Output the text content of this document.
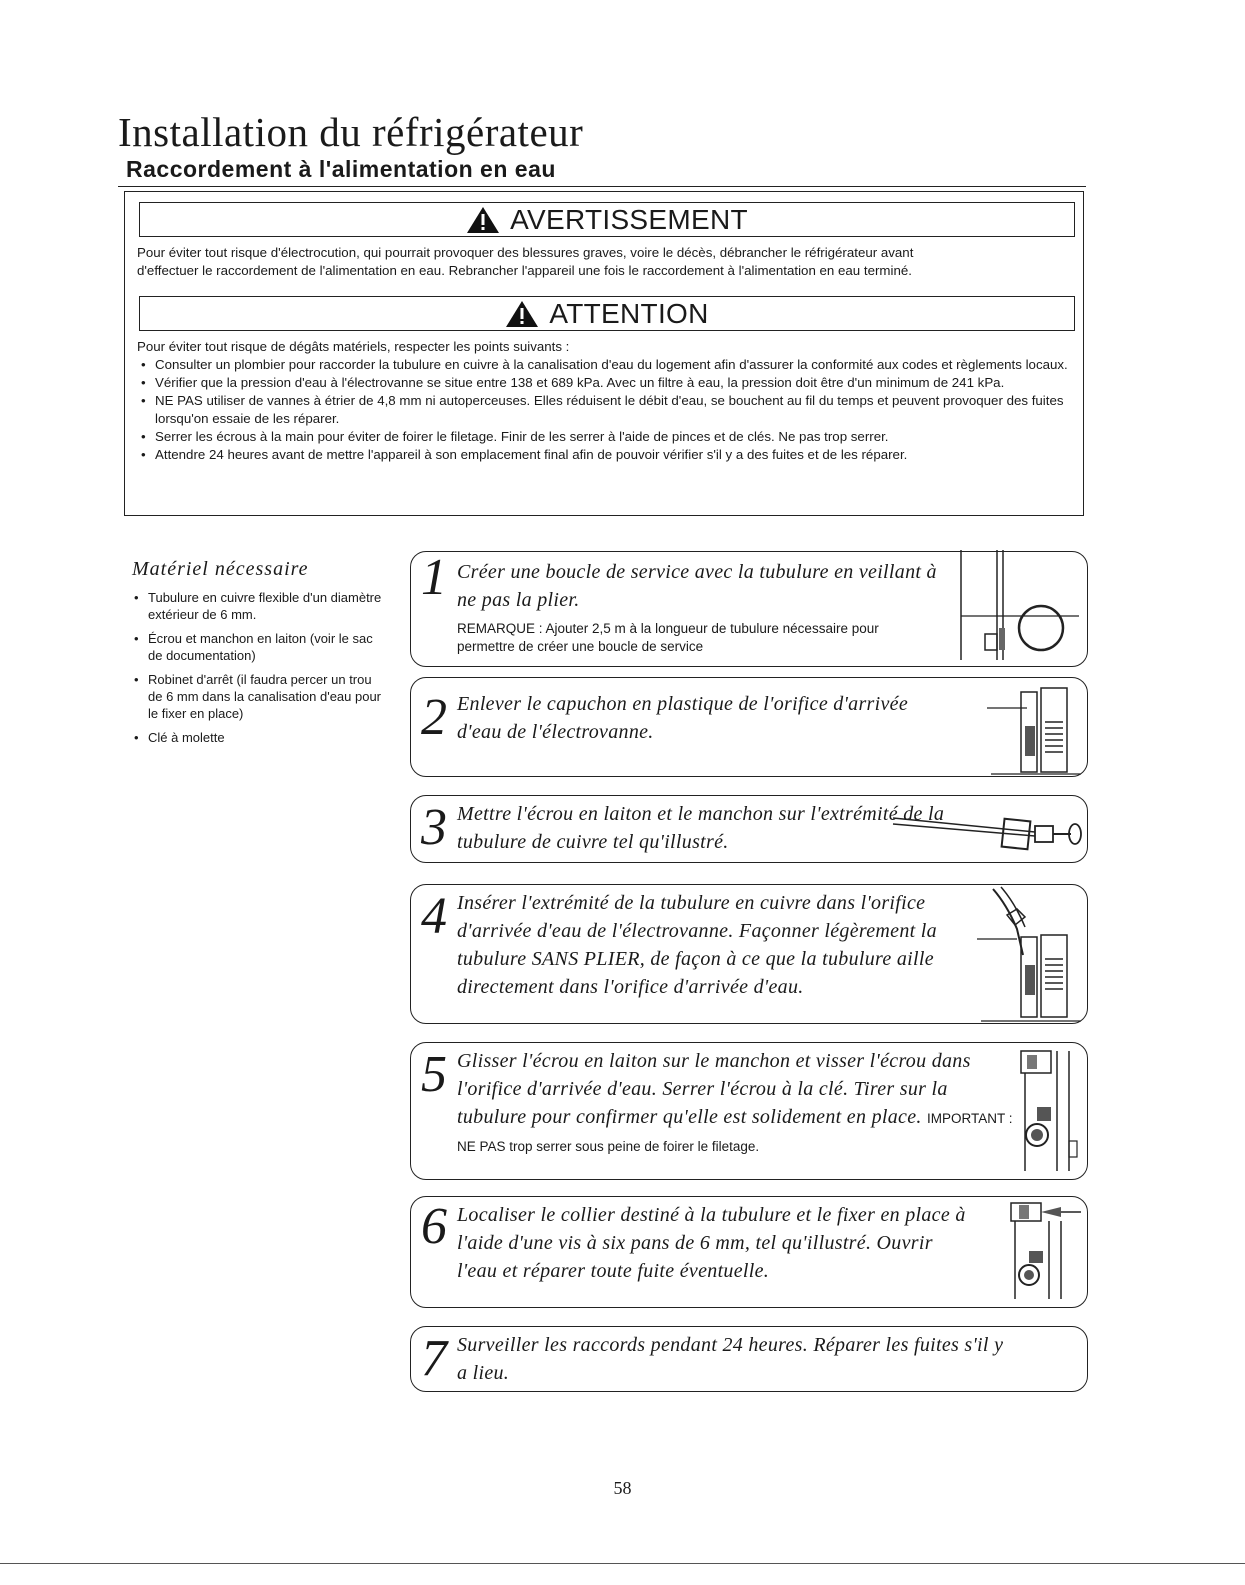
Installation du réfrigérateur
Raccordement à l'alimentation en eau
AVERTISSEMENT

Pour éviter tout risque d'électrocution, qui pourrait provoquer des blessures graves, voire le décès, débrancher le réfrigérateur avant

d'effectuer le raccordement de l'alimentation en eau. Rebrancher l'appareil une fois le raccordement à l'alimentation en eau terminé.

ATTENTION

Pour éviter tout risque de dégâts matériels, respecter les points suivants :

• Consulter un plombier pour raccorder la tubulure en cuivre à la canalisation d'eau du logement afin d'assurer la conformité aux codes et règlements locaux.
• Vérifier que la pression d'eau à l'électrovanne se situe entre 138 et 689 kPa. Avec un filtre à eau, la pression doit être d'un minimum de 241 kPa.
• NE PAS utiliser de vannes à étrier de 4,8 mm ni autoperceuses. Elles réduisent le débit d'eau, se bouchent au fil du temps et peuvent provoquer des fuites lorsqu'on essaie de les réparer.
• Serrer les écrous à la main pour éviter de foirer le filetage. Finir de les serrer à l'aide de pinces et de clés. Ne pas trop serrer.
• Attendre 24 heures avant de mettre l'appareil à son emplacement final afin de pouvoir vérifier s'il y a des fuites et de les réparer.

Matériel nécessaire

• Tubulure en cuivre flexible d'un diamètre extérieur de 6 mm.
• Écrou et manchon en laiton (voir le sac de documentation)
• Robinet d'arrêt (il faudra percer un trou de 6 mm dans la canalisation d'eau pour le fixer en place)
• Clé à molette
1 Créer une boucle de service avec la tubulure en veillant à ne pas la plier.

REMARQUE : Ajouter 2,5 m à la longueur de tubulure nécessaire pour permettre de créer une boucle de service

2 Enlever le capuchon en plastique de l'orifice d'arrivée d'eau de l'électrovanne.

3 Mettre l'écrou en laiton et le manchon sur l'extrémité de la tubulure de cuivre tel qu'illustré.

4 Insérer l'extrémité de la tubulure en cuivre dans l'orifice d'arrivée d'eau de l'électrovanne. Façonner légèrement la tubulure SANS PLIER, de façon à ce que la tubulure aille directement dans l'orifice d'arrivée d'eau.

5 Glisser l'écrou en laiton sur le manchon et visser l'écrou dans l'orifice d'arrivée d'eau. Serrer l'écrou à la clé. Tirer sur la tubulure pour confirmer qu'elle est solidement en place. IMPORTANT : NE PAS trop serrer sous peine de foirer le filetage.

6 Localiser le collier destiné à la tubulure et le fixer en place à l'aide d'une vis à six pans de 6 mm, tel qu'illustré. Ouvrir l'eau et réparer toute fuite éventuelle.

7 Surveiller les raccords pendant 24 heures. Réparer les fuites s'il y a lieu.

58
